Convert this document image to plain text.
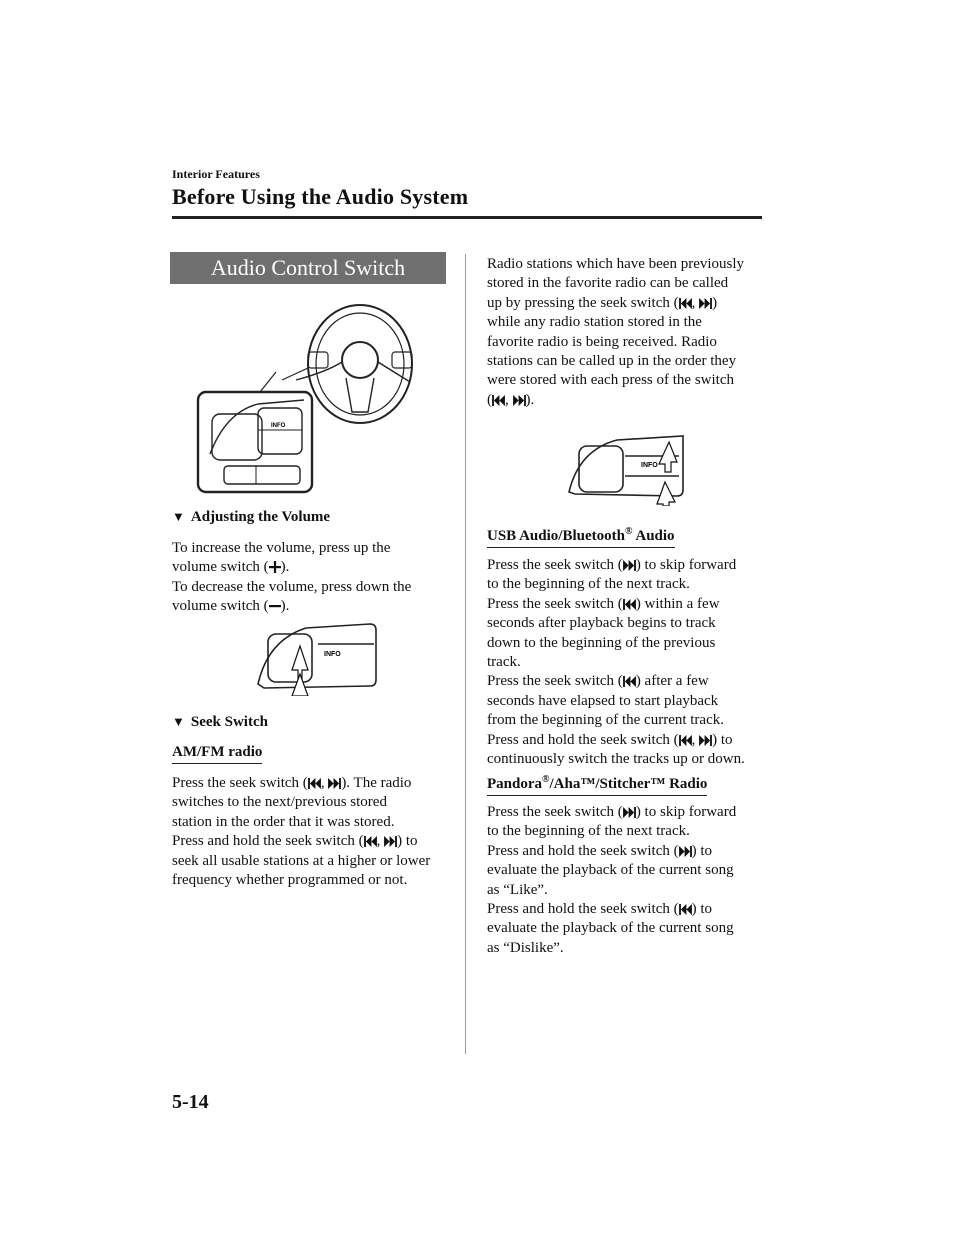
Interior Features
Before Using the Audio System
Audio Control Switch
INFO
▼ Adjusting the Volume
To increase the volume, press up the
volume switch ( ).
To decrease the volume, press down the
volume switch ( ).
INFO
▼ Seek Switch
AM/FM radio
Press the seek switch ( ,
). The radio
switches to the next/previous stored
station in the order that it was stored.
Press and hold the seek switch ( ,
) to
seek all usable stations at a higher or lower
frequency whether programmed or not.
Radio stations which have been previously
stored in the favorite radio can be called
up by pressing the seek switch ( ,
)
while any radio station stored in the
favorite radio is being received. Radio
stations can be called up in the order they
were stored with each press of the switch
( ,
).
INFO
USB Audio/Bluetooth® Audio
Press the seek switch ( ) to skip forward
to the beginning of the next track.
Press the seek switch ( ) within a few
seconds after playback begins to track
down to the beginning of the previous
track.
Press the seek switch ( ) after a few
seconds have elapsed to start playback
from the beginning of the current track.
Press and hold the seek switch ( ,
) to
continuously switch the tracks up or down.
Pandora®/Aha™/Stitcher™ Radio
Press the seek switch ( ) to skip forward
to the beginning of the next track.
Press and hold the seek switch ( ) to
evaluate the playback of the current song
as “Like”.
Press and hold the seek switch ( ) to
evaluate the playback of the current song
as “Dislike”.
5-14
